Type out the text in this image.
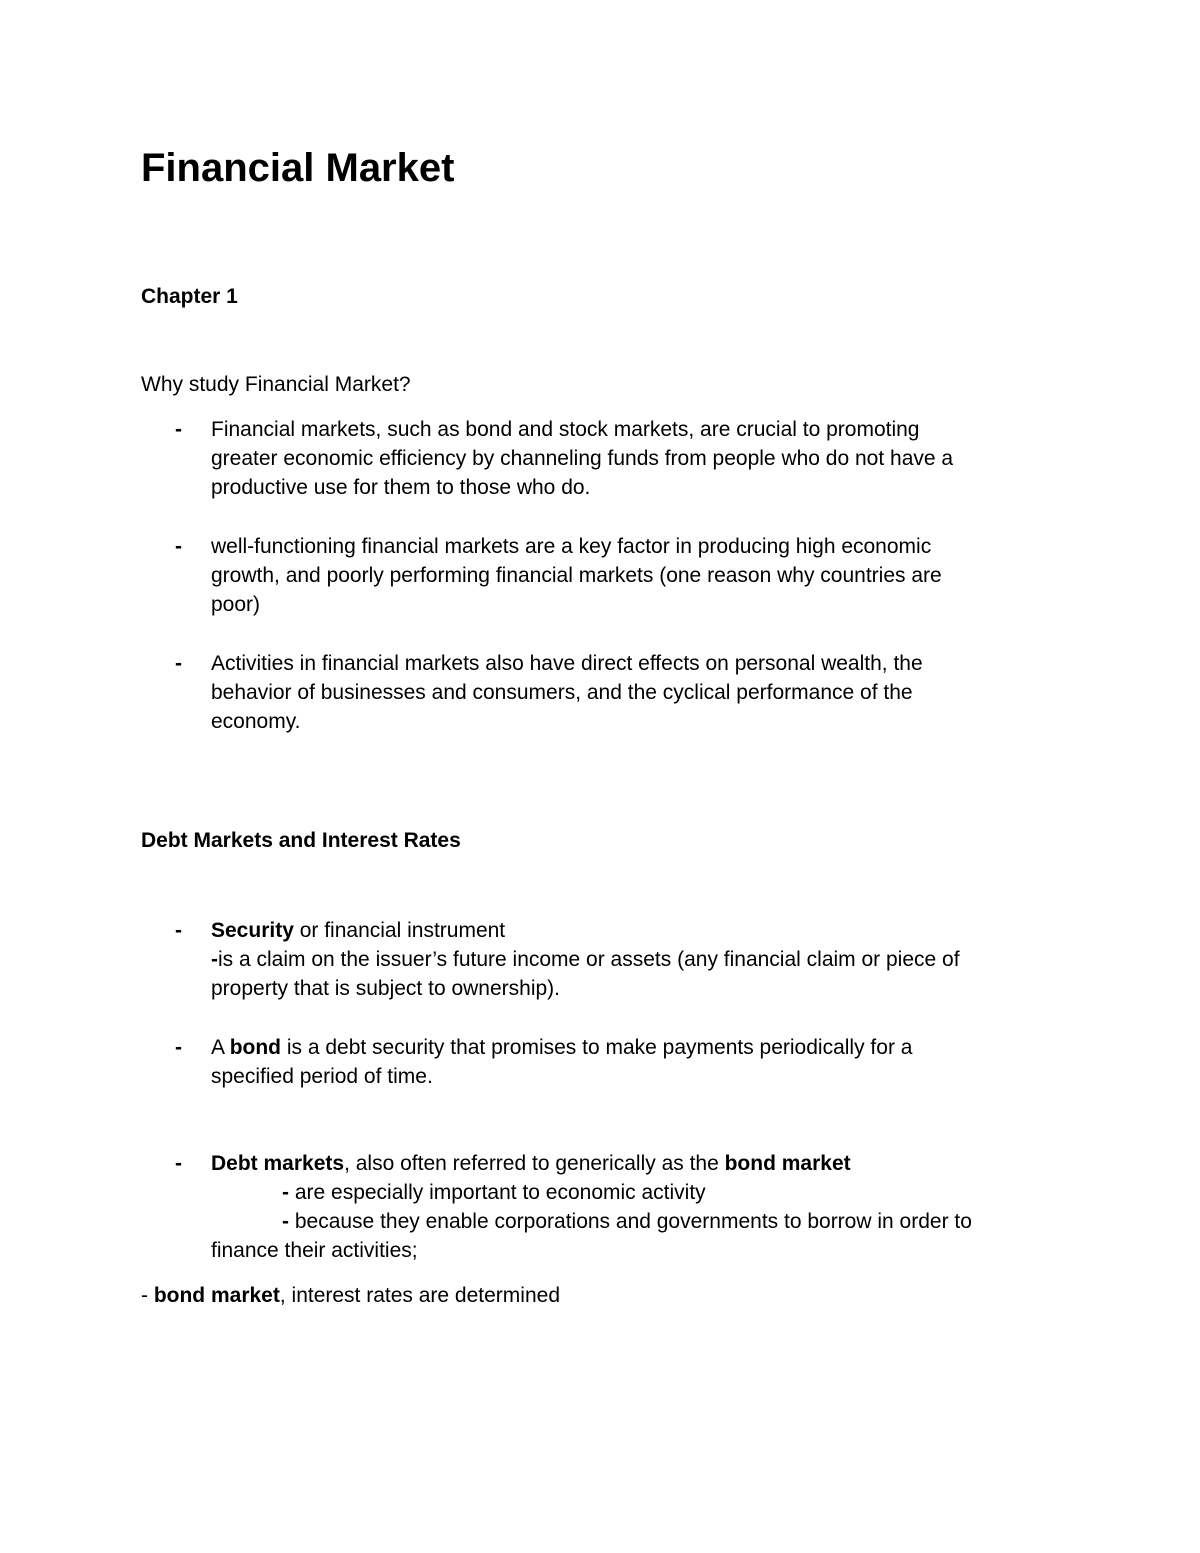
Financial Market
Chapter 1
Why study Financial Market?
- Financial markets, such as bond and stock markets, are crucial to promoting
greater economic efficiency by channeling funds from people who do not have a
productive use for them to those who do.
- well-functioning financial markets are a key factor in producing high economic
growth, and poorly performing financial markets (one reason why countries are
poor)
- Activities in financial markets also have direct effects on personal wealth, the
behavior of businesses and consumers, and the cyclical performance of the
economy.
Debt Markets and Interest Rates
- Security or financial instrument
-is a claim on the issuer’s future income or assets (any financial claim or piece of
property that is subject to ownership).
- A bond is a debt security that promises to make payments periodically for a
specified period of time.
- Debt markets, also often referred to generically as the bond market
- are especially important to economic activity
- because they enable corporations and governments to borrow in order to
finance their activities;
- bond market, interest rates are determined
